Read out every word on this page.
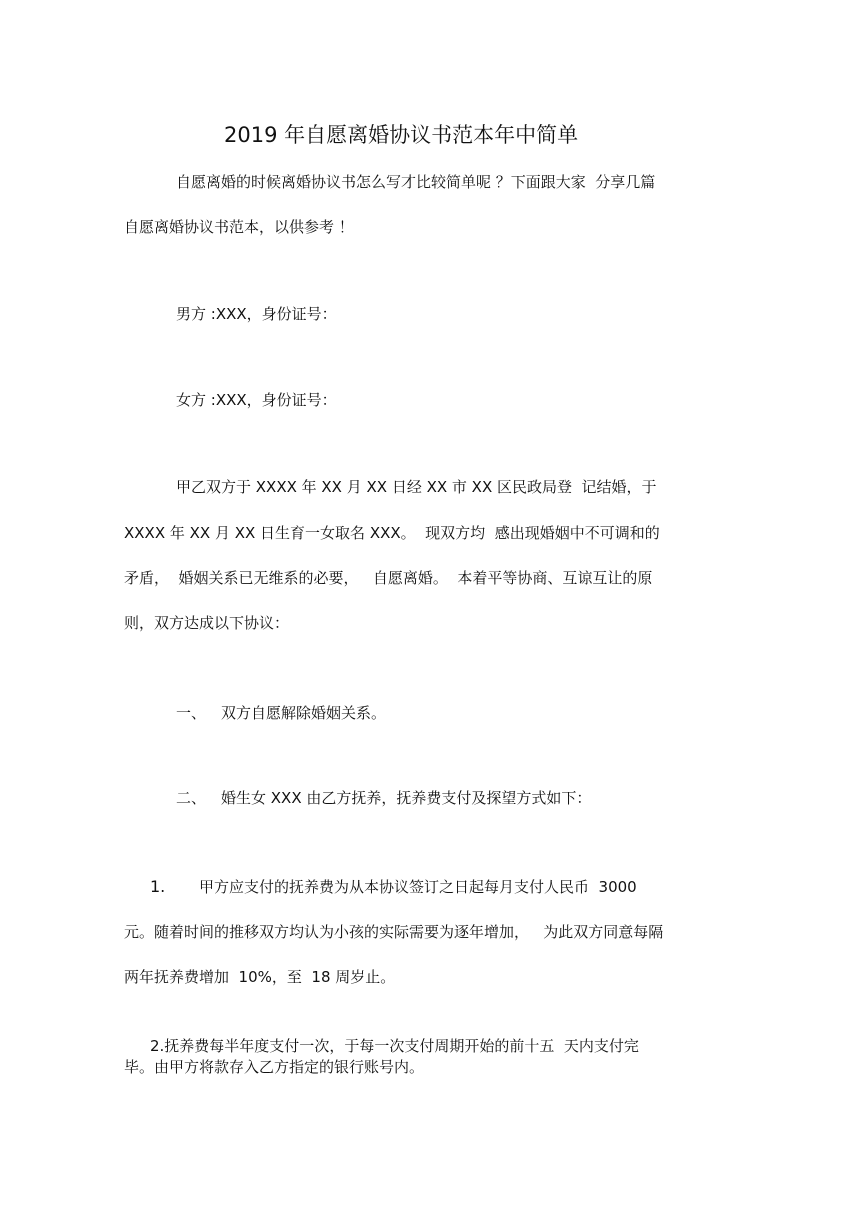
2019 年自愿离婚协议书范本年中简单
自愿离婚的时候离婚协议书怎么写才比较简单呢 ？下面跟大家  分享几篇
自愿离婚协议书范本，以供参考 ！
男方 :XXX，身份证号：
女方 :XXX，身份证号：
甲乙双方于 XXXX 年 XX 月 XX 日经 XX 市 XX 区民政局登  记结婚，于
XXXX 年 XX 月 XX 日生育一女取名 XXX。  现双方均  感出现婚姻中不可调和的
矛盾，  婚姻关系已无维系的必要，   自愿离婚。  本着平等协商、互谅互让的原
则，双方达成以下协议：
一、 双方自愿解除婚姻关系。
二、 婚生女 XXX 由乙方抚养，抚养费支付及探望方式如下：
1. 甲方应支付的抚养费为从本协议签订之日起每月支付人民币  3000
元。随着时间的推移双方均认为小孩的实际需要为逐年增加，   为此双方同意每隔
两年抚养费增加  10%，至  18 周岁止。
2.抚养费每半年度支付一次，于每一次支付周期开始的前十五  天内支付完
毕。由甲方将款存入乙方指定的银行账号内。
